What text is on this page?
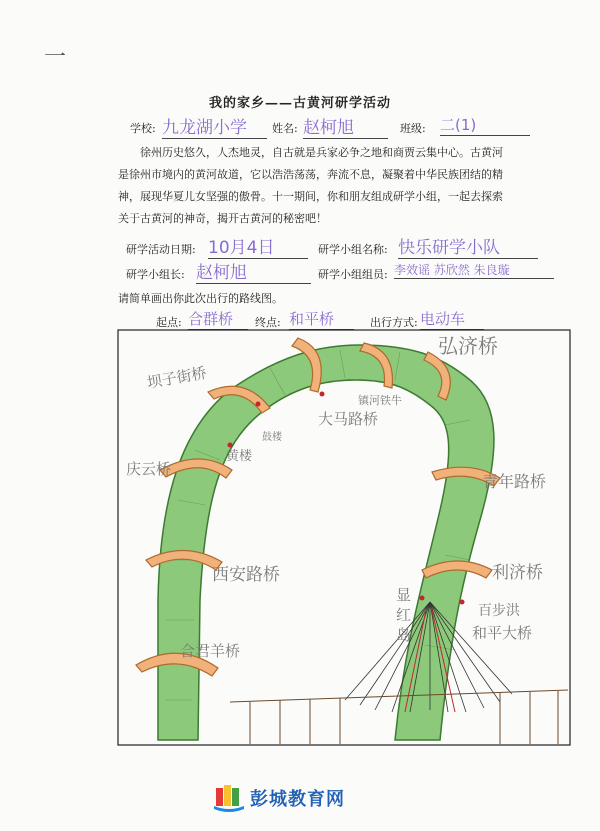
一
我的家乡——古黄河研学活动
学校: 九龙湖小学	姓名: 赵柯旭	班级: 二(1)
徐州历史悠久，人杰地灵，自古就是兵家必争之地和商贾云集中心。古黄河
是徐州市境内的黄河故道，它以浩浩荡荡，奔流不息，凝聚着中华民族团结的精
神，展现华夏儿女坚强的傲骨。十一期间，你和朋友组成研学小组，一起去探索
关于古黄河的神奇，揭开古黄河的秘密吧！
研学活动日期: 10月4日	研学小组名称: 快乐研学小队
研学小组长: 赵柯旭	研学小组组员: 李效谣 苏欣然 朱良璇
请简单画出你此次出行的路线图。
起点: 合群桥	终点: 和平桥	出行方式: 电动车
坝子街桥
弘济桥
大马路桥
鼓楼
镇河铁牛
黄楼
庆云桥
青年路桥
西安路桥	利济桥
百步洪
和平大桥
合君羊桥
显红岛
彭城教育网
